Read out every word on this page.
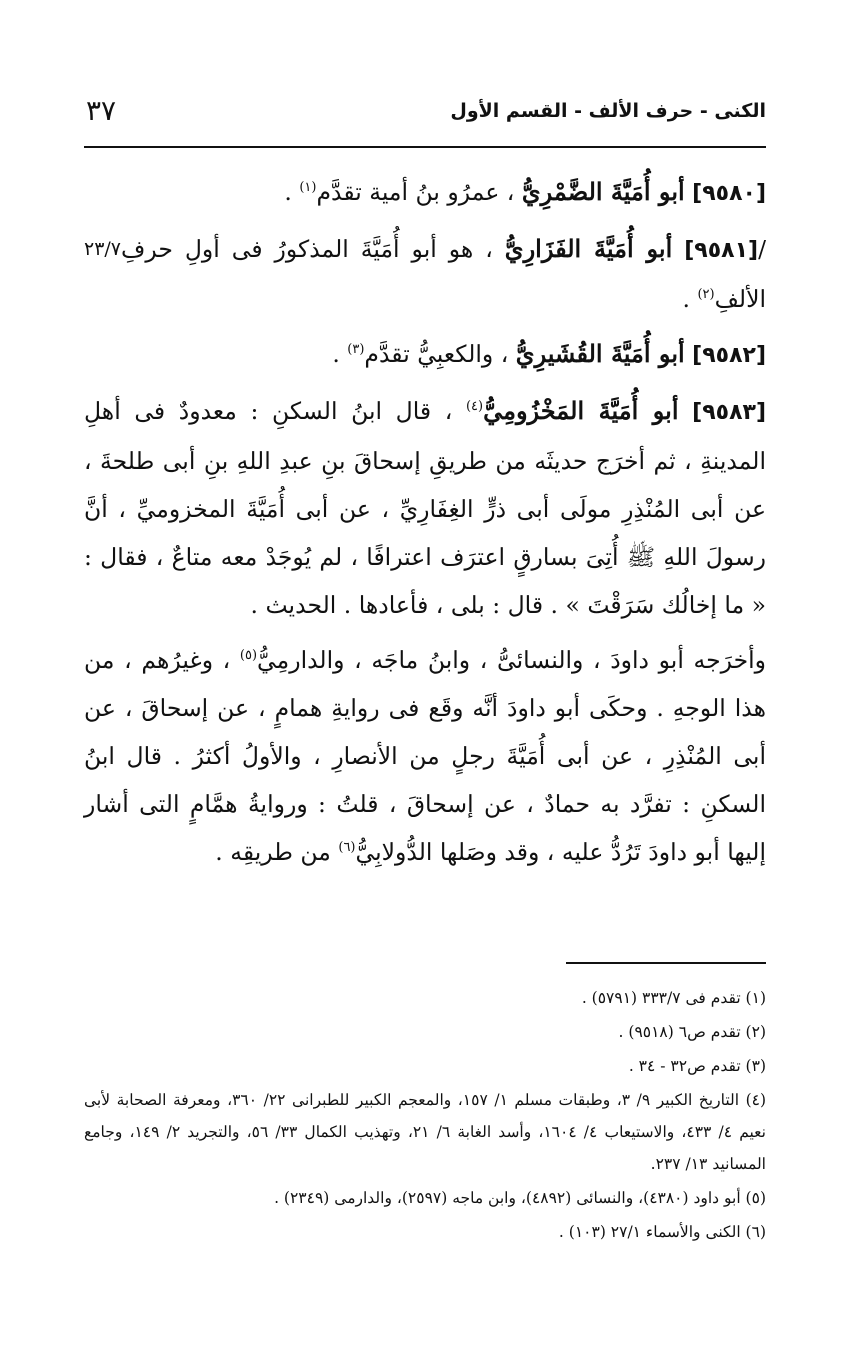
الكنى - حرف الألف - القسم الأول
٣٧

[٩٥٨٠] أبو أُمَيَّةَ الضَّمْرِيُّ ، عمرُو بنُ أمية تقدَّم$^{(١)}$ .

٢٣/٧	/[٩٥٨١] أبو أُمَيَّةَ الفَزَارِيُّ ، هو أبو أُمَيَّةَ المذكورُ فى أولِ حرفِ الألفِ$^{(٢)}$ .

[٩٥٨٢] أبو أُمَيَّةَ القُشَيرِيُّ ، والكعبِيُّ تقدَّم$^{(٣)}$ .

[٩٥٨٣] أبو أُمَيَّةَ المَخْزُومِيُّ$^{(٤)}$ ، قال ابنُ السكنِ : معدودٌ فى أهلِ المدينةِ ، ثم أخرَج حديثَه من طريقِ إسحاقَ بنِ عبدِ اللهِ بنِ أبى طلحةَ ، عن أبى المُنْذِرِ مولَى أبى ذرٍّ الغِفَارِيِّ ، عن أبى أُمَيَّةَ المخزوميِّ ، أنَّ رسولَ اللهِ ﷺ أُتِىَ بسارقٍ اعترَف اعترافًا ، لم يُوجَدْ معه متاعٌ ، فقال : « ما إخالُك سَرَقْتَ » . قال : بلى ، فأعادها . الحديث .

وأخرَجه أبو داودَ ، والنسائىُّ ، وابنُ ماجَه ، والدارمِيُّ$^{(٥)}$ ، وغيرُهم ، من هذا الوجهِ . وحكَى أبو داودَ أنَّه وقَع فى روايةِ همامٍ ، عن إسحاقَ ، عن أبى المُنْذِرِ ، عن أبى أُمَيَّةَ رجلٍ من الأنصارِ ، والأولُ أكثرُ . قال ابنُ السكنِ : تفرَّد به حمادٌ ، عن إسحاقَ ، قلتُ : وروايةُ همَّامٍ التى أشار إليها أبو داودَ تَرُدُّ عليه ، وقد وصَلها الدُّولابِيُّ$^{(٦)}$ من طريقِه .

(١) تقدم فى ٣٣٣/٧ (٥٧٩١) .

(٢) تقدم ص٦ (٩٥١٨) .

(٣) تقدم ص٣٢ - ٣٤ .

(٤) التاريخ الكبير ٩/ ٣، وطبقات مسلم ١/ ١٥٧، والمعجم الكبير للطبرانى ٢٢/ ٣٦٠، ومعرفة الصحابة لأبى نعيم ٤/ ٤٣٣، والاستيعاب ٤/ ١٦٠٤، وأسد الغابة ٦/ ٢١، وتهذيب الكمال ٣٣/ ٥٦، والتجريد ٢/ ١٤٩، وجامع المسانيد ١٣/ ٢٣٧.

(٥) أبو داود (٤٣٨٠)، والنسائى (٤٨٩٢)، وابن ماجه (٢٥٩٧)، والدارمى (٢٣٤٩) .

(٦) الكنى والأسماء ٢٧/١ (١٠٣) .
